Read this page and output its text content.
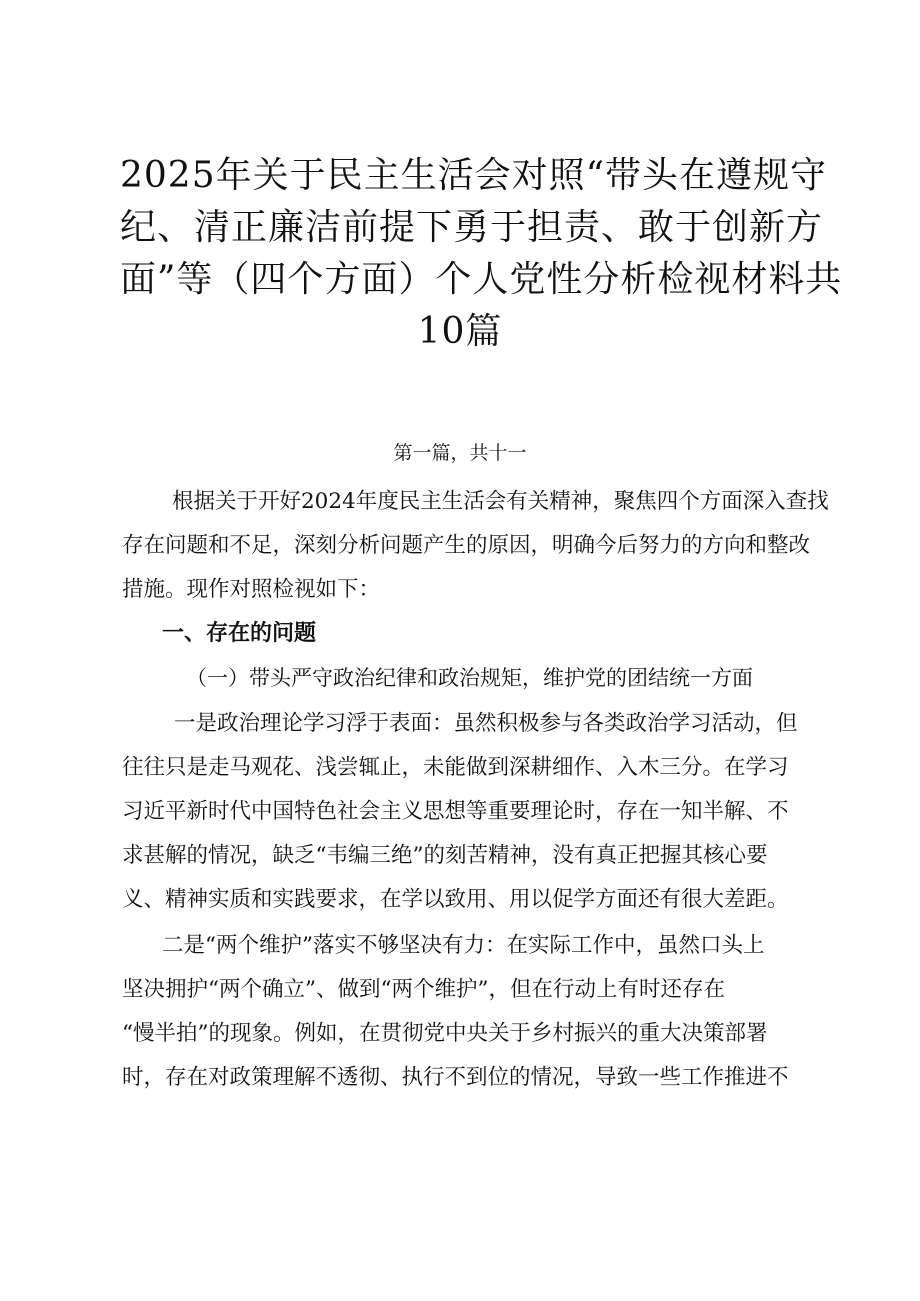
2025年关于民主生活会对照“带头在遵规守
纪、清正廉洁前提下勇于担责、敢于创新方
面”等（四个方面）个人党性分析检视材料共
10篇
第一篇，共十一
根据关于开好2024年度民主生活会有关精神，聚焦四个方面深入查找
存在问题和不足，深刻分析问题产生的原因，明确今后努力的方向和整改
措施。现作对照检视如下：
一、存在的问题
（一）带头严守政治纪律和政治规矩，维护党的团结统一方面
一是政治理论学习浮于表面：虽然积极参与各类政治学习活动，但
往往只是走马观花、浅尝辄止，未能做到深耕细作、入木三分。在学习
习近平新时代中国特色社会主义思想等重要理论时，存在一知半解、不
求甚解的情况，缺乏“韦编三绝”的刻苦精神，没有真正把握其核心要
义、精神实质和实践要求，在学以致用、用以促学方面还有很大差距。
二是“两个维护”落实不够坚决有力：在实际工作中，虽然口头上
坚决拥护“两个确立”、做到“两个维护”，但在行动上有时还存在
“慢半拍”的现象。例如，在贯彻党中央关于乡村振兴的重大决策部署
时，存在对政策理解不透彻、执行不到位的情况，导致一些工作推进不
